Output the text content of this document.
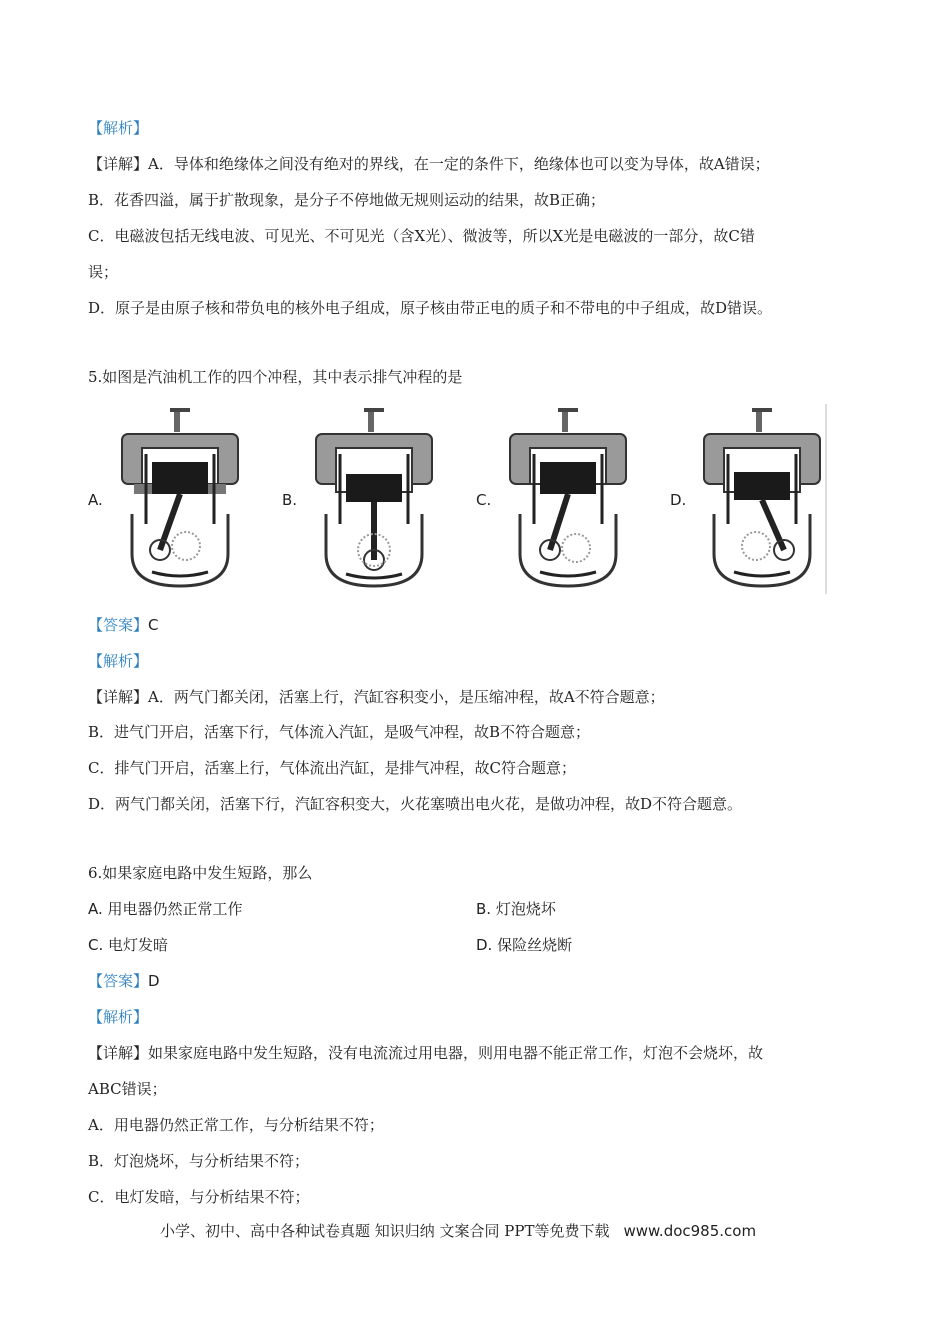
【解析】
【详解】A．导体和绝缘体之间没有绝对的界线，在一定的条件下，绝缘体也可以变为导体，故A错误；
B．花香四溢，属于扩散现象，是分子不停地做无规则运动的结果，故B正确；
C．电磁波包括无线电波、可见光、不可见光（含X光）、微波等，所以X光是电磁波的一部分，故C错
误；
D．原子是由原子核和带负电的核外电子组成，原子核由带正电的质子和不带电的中子组成，故D错误。
5.如图是汽油机工作的四个冲程，其中表示排气冲程的是
A.	B.	C.	D.
【答案】C
【解析】
【详解】A．两气门都关闭，活塞上行，汽缸容积变小，是压缩冲程，故A不符合题意；
B．进气门开启，活塞下行，气体流入汽缸，是吸气冲程，故B不符合题意；
C．排气门开启，活塞上行，气体流出汽缸，是排气冲程，故C符合题意；
D．两气门都关闭，活塞下行，汽缸容积变大，火花塞喷出电火花，是做功冲程，故D不符合题意。
6.如果家庭电路中发生短路，那么
A. 用电器仍然正常工作	B. 灯泡烧坏
C. 电灯发暗	D. 保险丝烧断
【答案】D
【解析】
【详解】如果家庭电路中发生短路，没有电流流过用电器，则用电器不能正常工作，灯泡不会烧坏，故
ABC错误；
A．用电器仍然正常工作，与分析结果不符；
B．灯泡烧坏，与分析结果不符；
C．电灯发暗，与分析结果不符；
小学、初中、高中各种试卷真题 知识归纳 文案合同 PPT等免费下载 www.doc985.com
